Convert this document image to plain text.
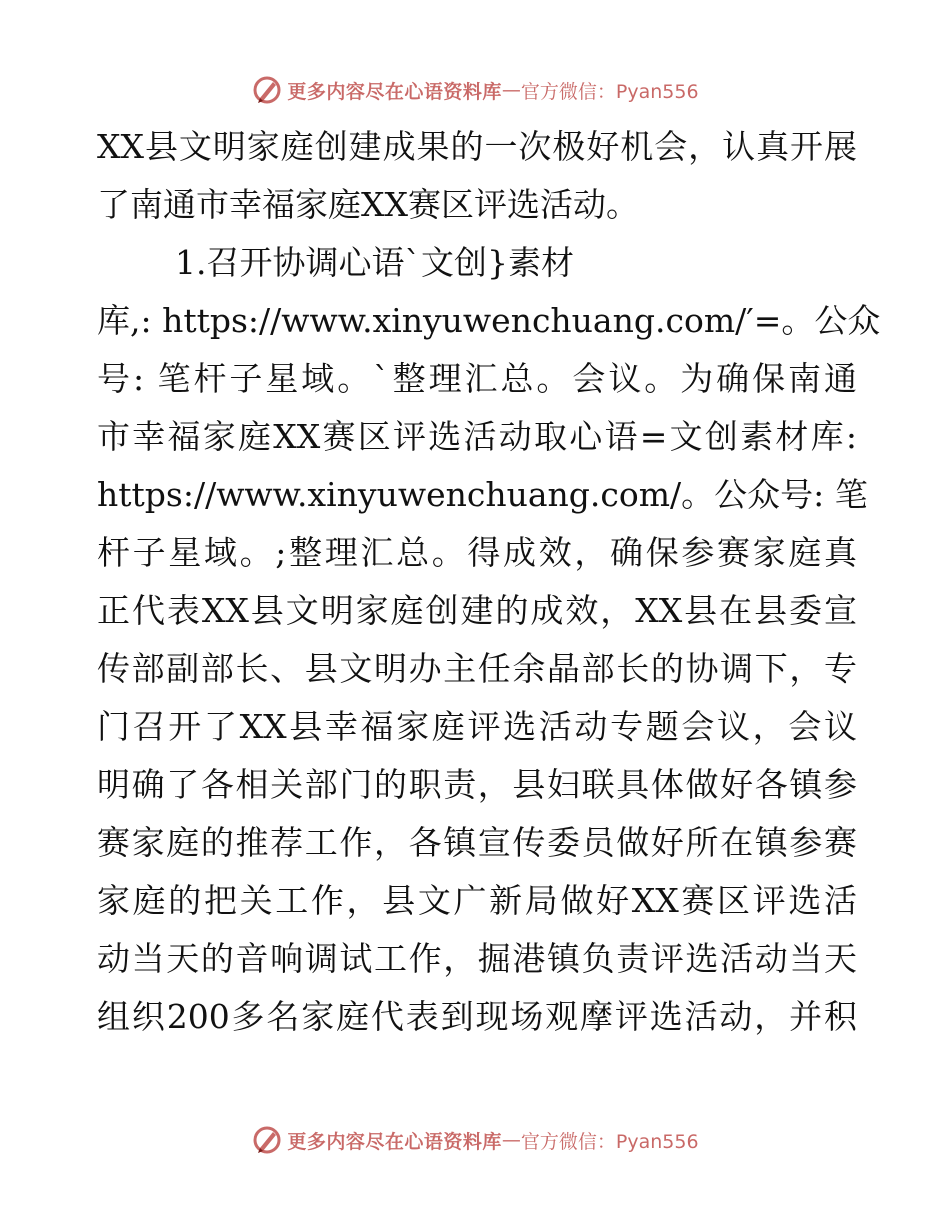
更多内容尽在心语资料库 — 官方微信：Pyan556
XX县文明家庭创建成果的一次极好机会，认真开展
了南通市幸福家庭XX赛区评选活动。
1.召开协调心语`文创}素材
库,: https://www.xinyuwenchuang.com/′=。公众
号: 笔杆子星域。`整理汇总。会议。为确保南通
市幸福家庭XX赛区评选活动取心语=文创素材库:
https://www.xinyuwenchuang.com/。公众号: 笔
杆子星域。;整理汇总。得成效，确保参赛家庭真
正代表XX县文明家庭创建的成效，XX县在县委宣
传部副部长、县文明办主任余晶部长的协调下，专
门召开了XX县幸福家庭评选活动专题会议，会议
明确了各相关部门的职责，县妇联具体做好各镇参
赛家庭的推荐工作，各镇宣传委员做好所在镇参赛
家庭的把关工作，县文广新局做好XX赛区评选活
动当天的音响调试工作，掘港镇负责评选活动当天
组织200多名家庭代表到现场观摩评选活动，并积
更多内容尽在心语资料库 — 官方微信：Pyan556
